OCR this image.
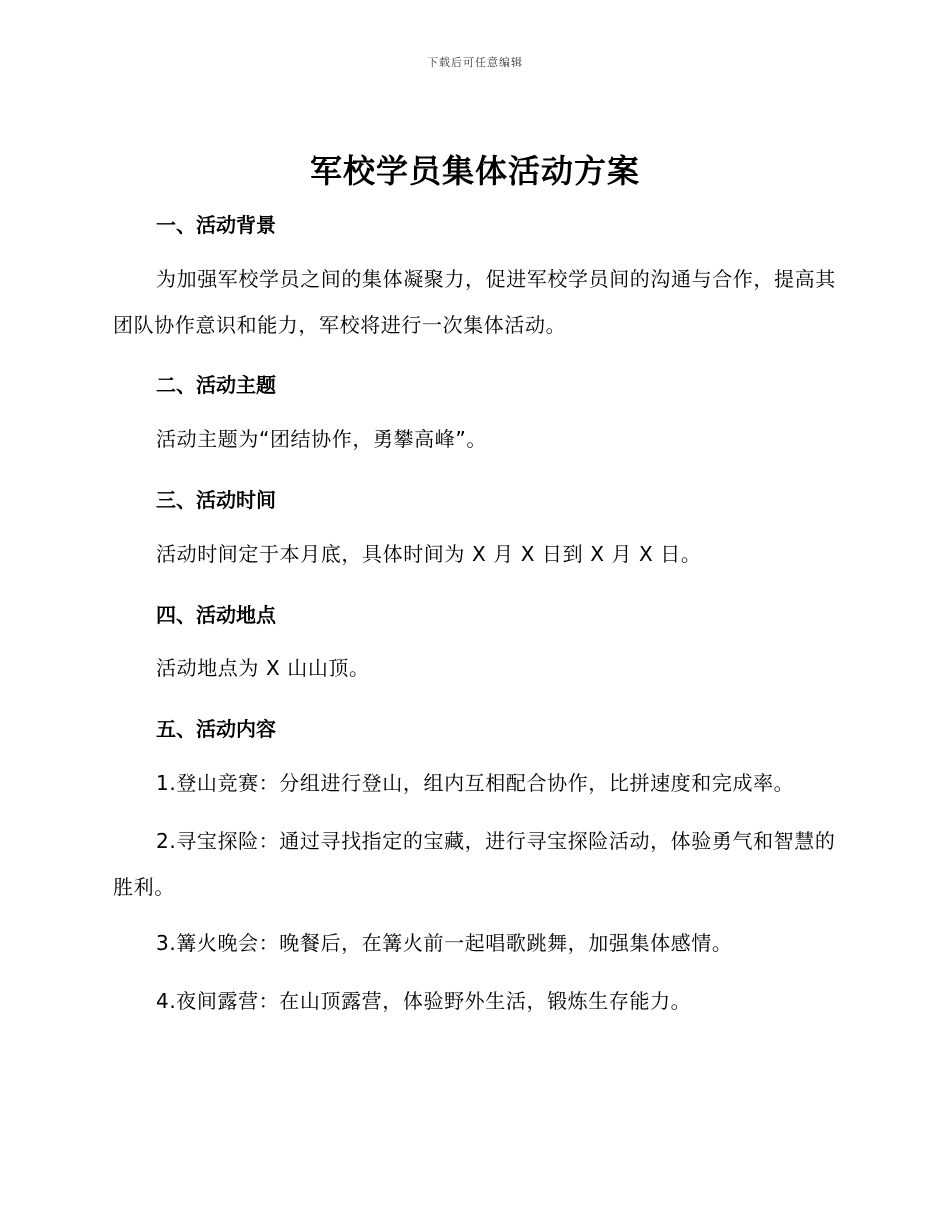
下载后可任意编辑
军校学员集体活动方案
一、活动背景

为加强军校学员之间的集体凝聚力，促进军校学员间的沟通与合作，提高其团队协作意识和能力，军校将进行一次集体活动。

二、活动主题

活动主题为“团结协作，勇攀高峰”。

三、活动时间

活动时间定于本月底，具体时间为 X 月 X 日到 X 月 X 日。

四、活动地点

活动地点为 X 山山顶。

五、活动内容

1.登山竞赛：分组进行登山，组内互相配合协作，比拼速度和完成率。

2.寻宝探险：通过寻找指定的宝藏，进行寻宝探险活动，体验勇气和智慧的胜利。

3.篝火晚会：晚餐后，在篝火前一起唱歌跳舞，加强集体感情。

4.夜间露营：在山顶露营，体验野外生活，锻炼生存能力。
